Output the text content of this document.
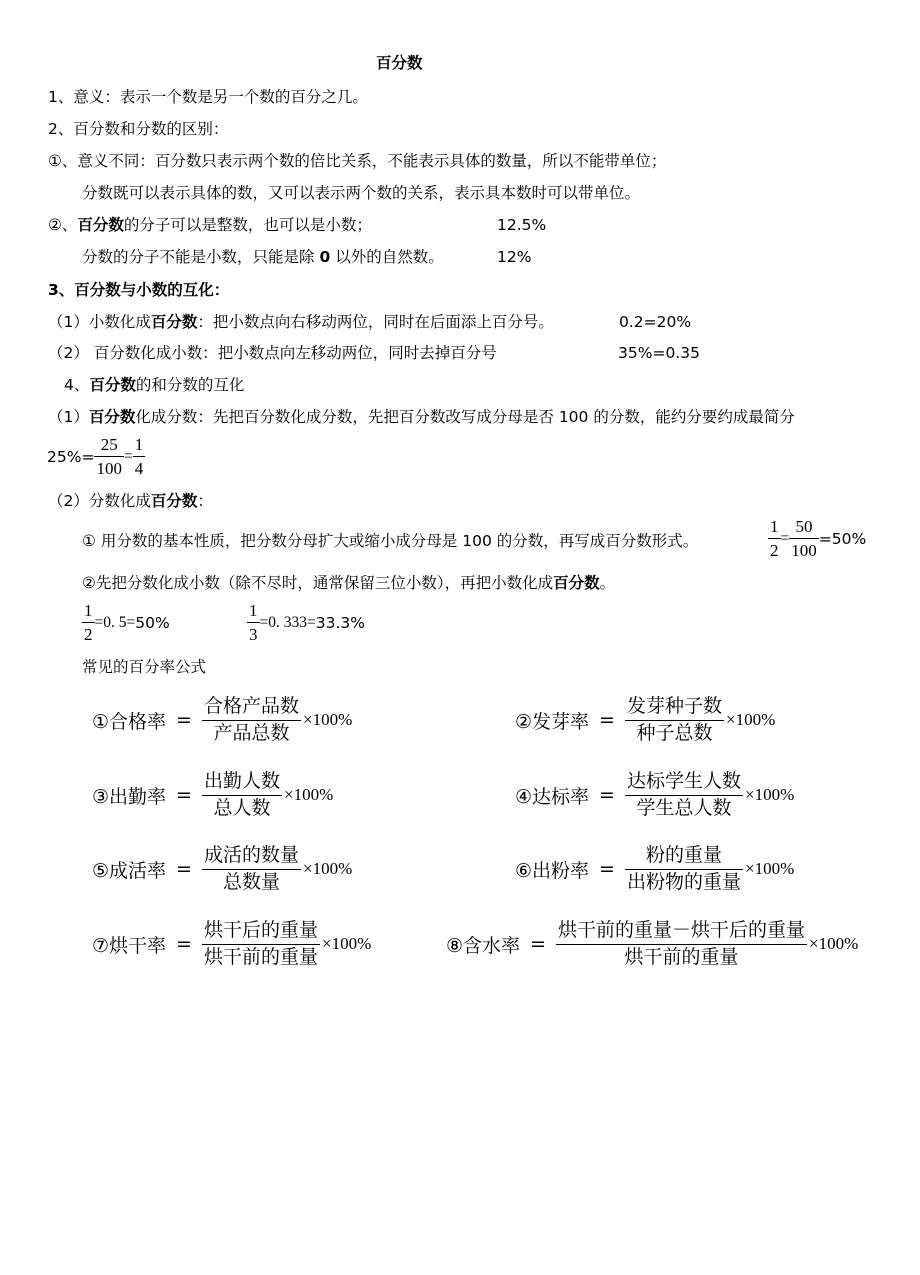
百分数
1、意义：表示一个数是另一个数的百分之几。
2、百分数和分数的区别：
①、意义不同：百分数只表示两个数的倍比关系，不能表示具体的数量，所以不能带单位；
分数既可以表示具体的数，又可以表示两个数的关系，表示具本数时可以带单位。
②、百分数的分子可以是整数，也可以是小数；	12.5%
分数的分子不能是小数，只能是除 0 以外的自然数。	12%
3、百分数与小数的互化：
（1）小数化成百分数：把小数点向右移动两位，同时在后面添上百分号。	0.2=20%
（2） 百分数化成小数：把小数点向左移动两位，同时去掉百分号	35%=0.35
4、百分数的和分数的互化
（1）百分数化成分数：先把百分数化成分数，先把百分数改写成分母是否 100 的分数，能约分要约成最简分
$25\%= \frac{25}{100} = \frac{1}{4}$
（2）分数化成百分数：
① 用分数的基本性质，把分数分母扩大或缩小成分母是 100 的分数，再写成百分数形式。	$\frac{1}{2} = \frac{50}{100} =50\%$
②先把分数化成小数（除不尽时，通常保留三位小数），再把小数化成百分数。
$\frac{1}{2} =0$. 5= 50%	$\frac{1}{3} =0$. 333= 33.3%
常见的百分率公式
①合格率 =
合格产品数
产品总数
×100%	②发芽率 =
发芽种子数
种子总数
×100%
③出勤率 =
出勤人数
总人数
×100%	④达标率 =
达标学生人数
学生总人数
×100%
⑤成活率 =
成活的数量
总数量
×100%	⑥出粉率 =
粉的重量
出粉物的重量
×100%
⑦烘干率 =
烘干后的重量
烘干前的重量
×100%	⑧含水率 =
烘干前的重量－烘干后的重量
烘干前的重量
×100%
